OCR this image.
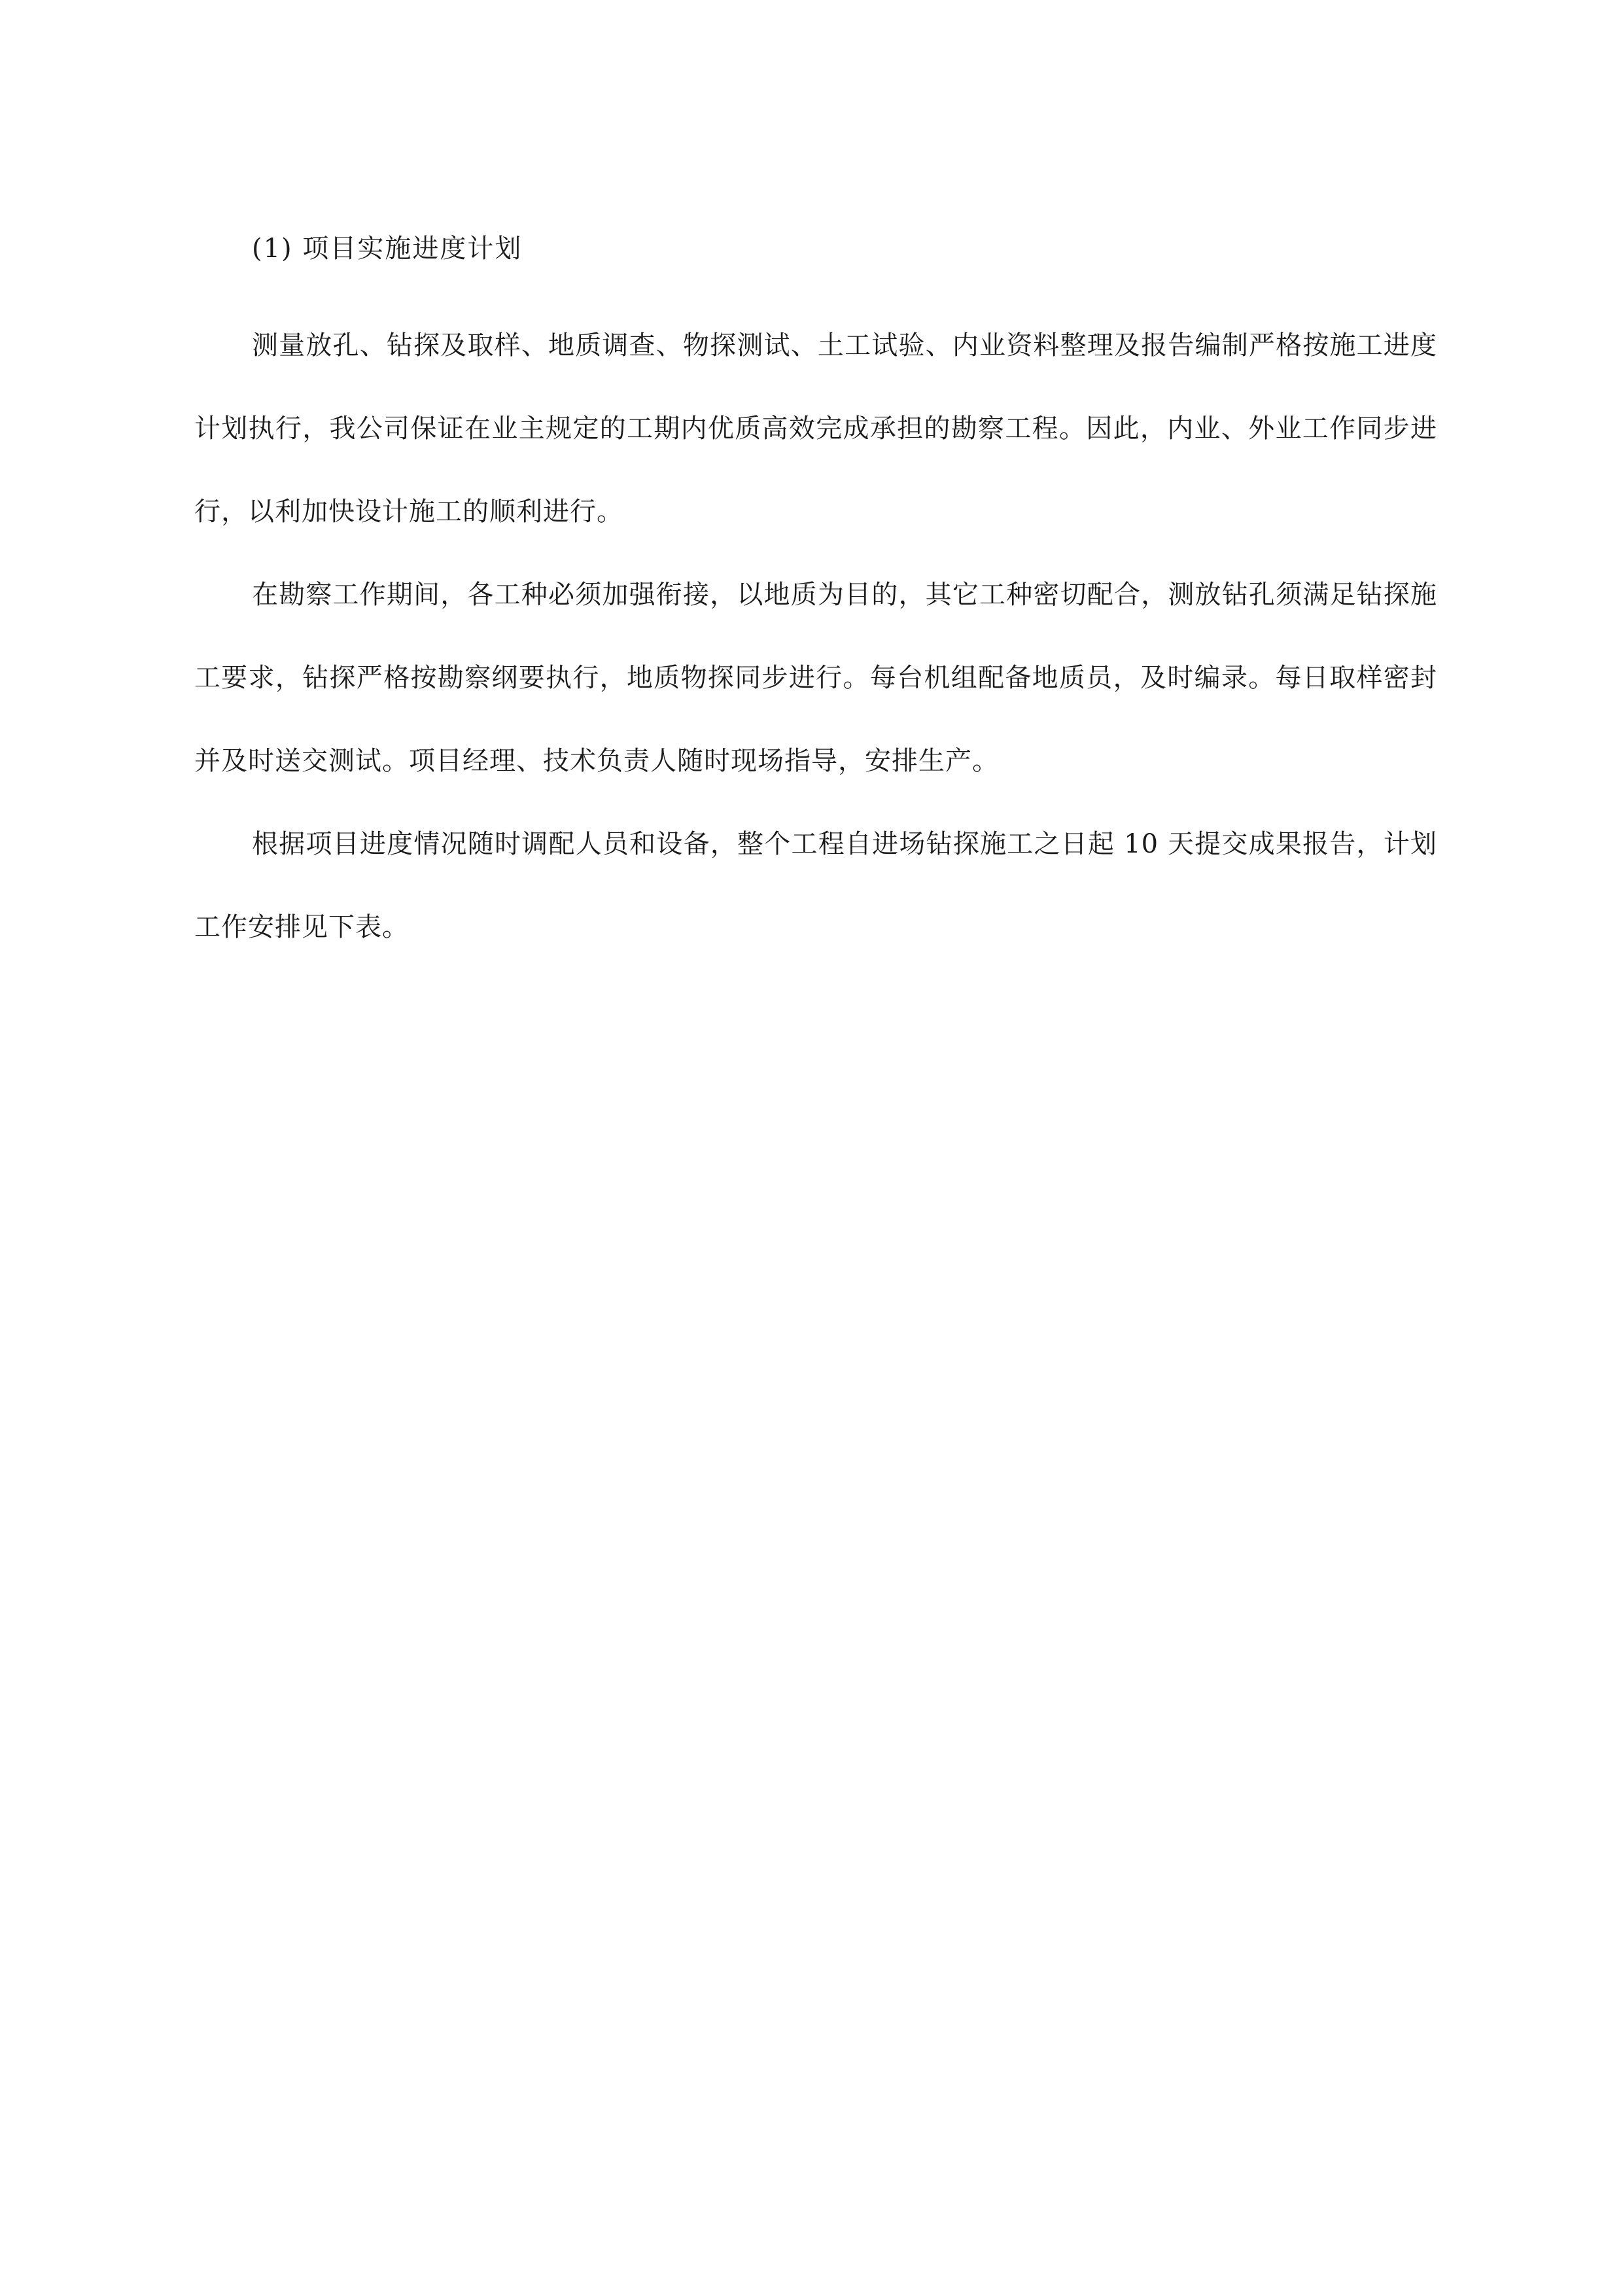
(1) 项目实施进度计划

测量放孔、钻探及取样、地质调查、物探测试、土工试验、内业资料整理及报告编制严格按施工进度计划执行，我公司保证在业主规定的工期内优质高效完成承担的勘察工程。因此，内业、外业工作同步进行，以利加快设计施工的顺利进行。

在勘察工作期间，各工种必须加强衔接，以地质为目的，其它工种密切配合，测放钻孔须满足钻探施工要求，钻探严格按勘察纲要执行，地质物探同步进行。每台机组配备地质员，及时编录。每日取样密封并及时送交测试。项目经理、技术负责人随时现场指导，安排生产。

根据项目进度情况随时调配人员和设备，整个工程自进场钻探施工之日起 10 天提交成果报告，计划工作安排见下表。
